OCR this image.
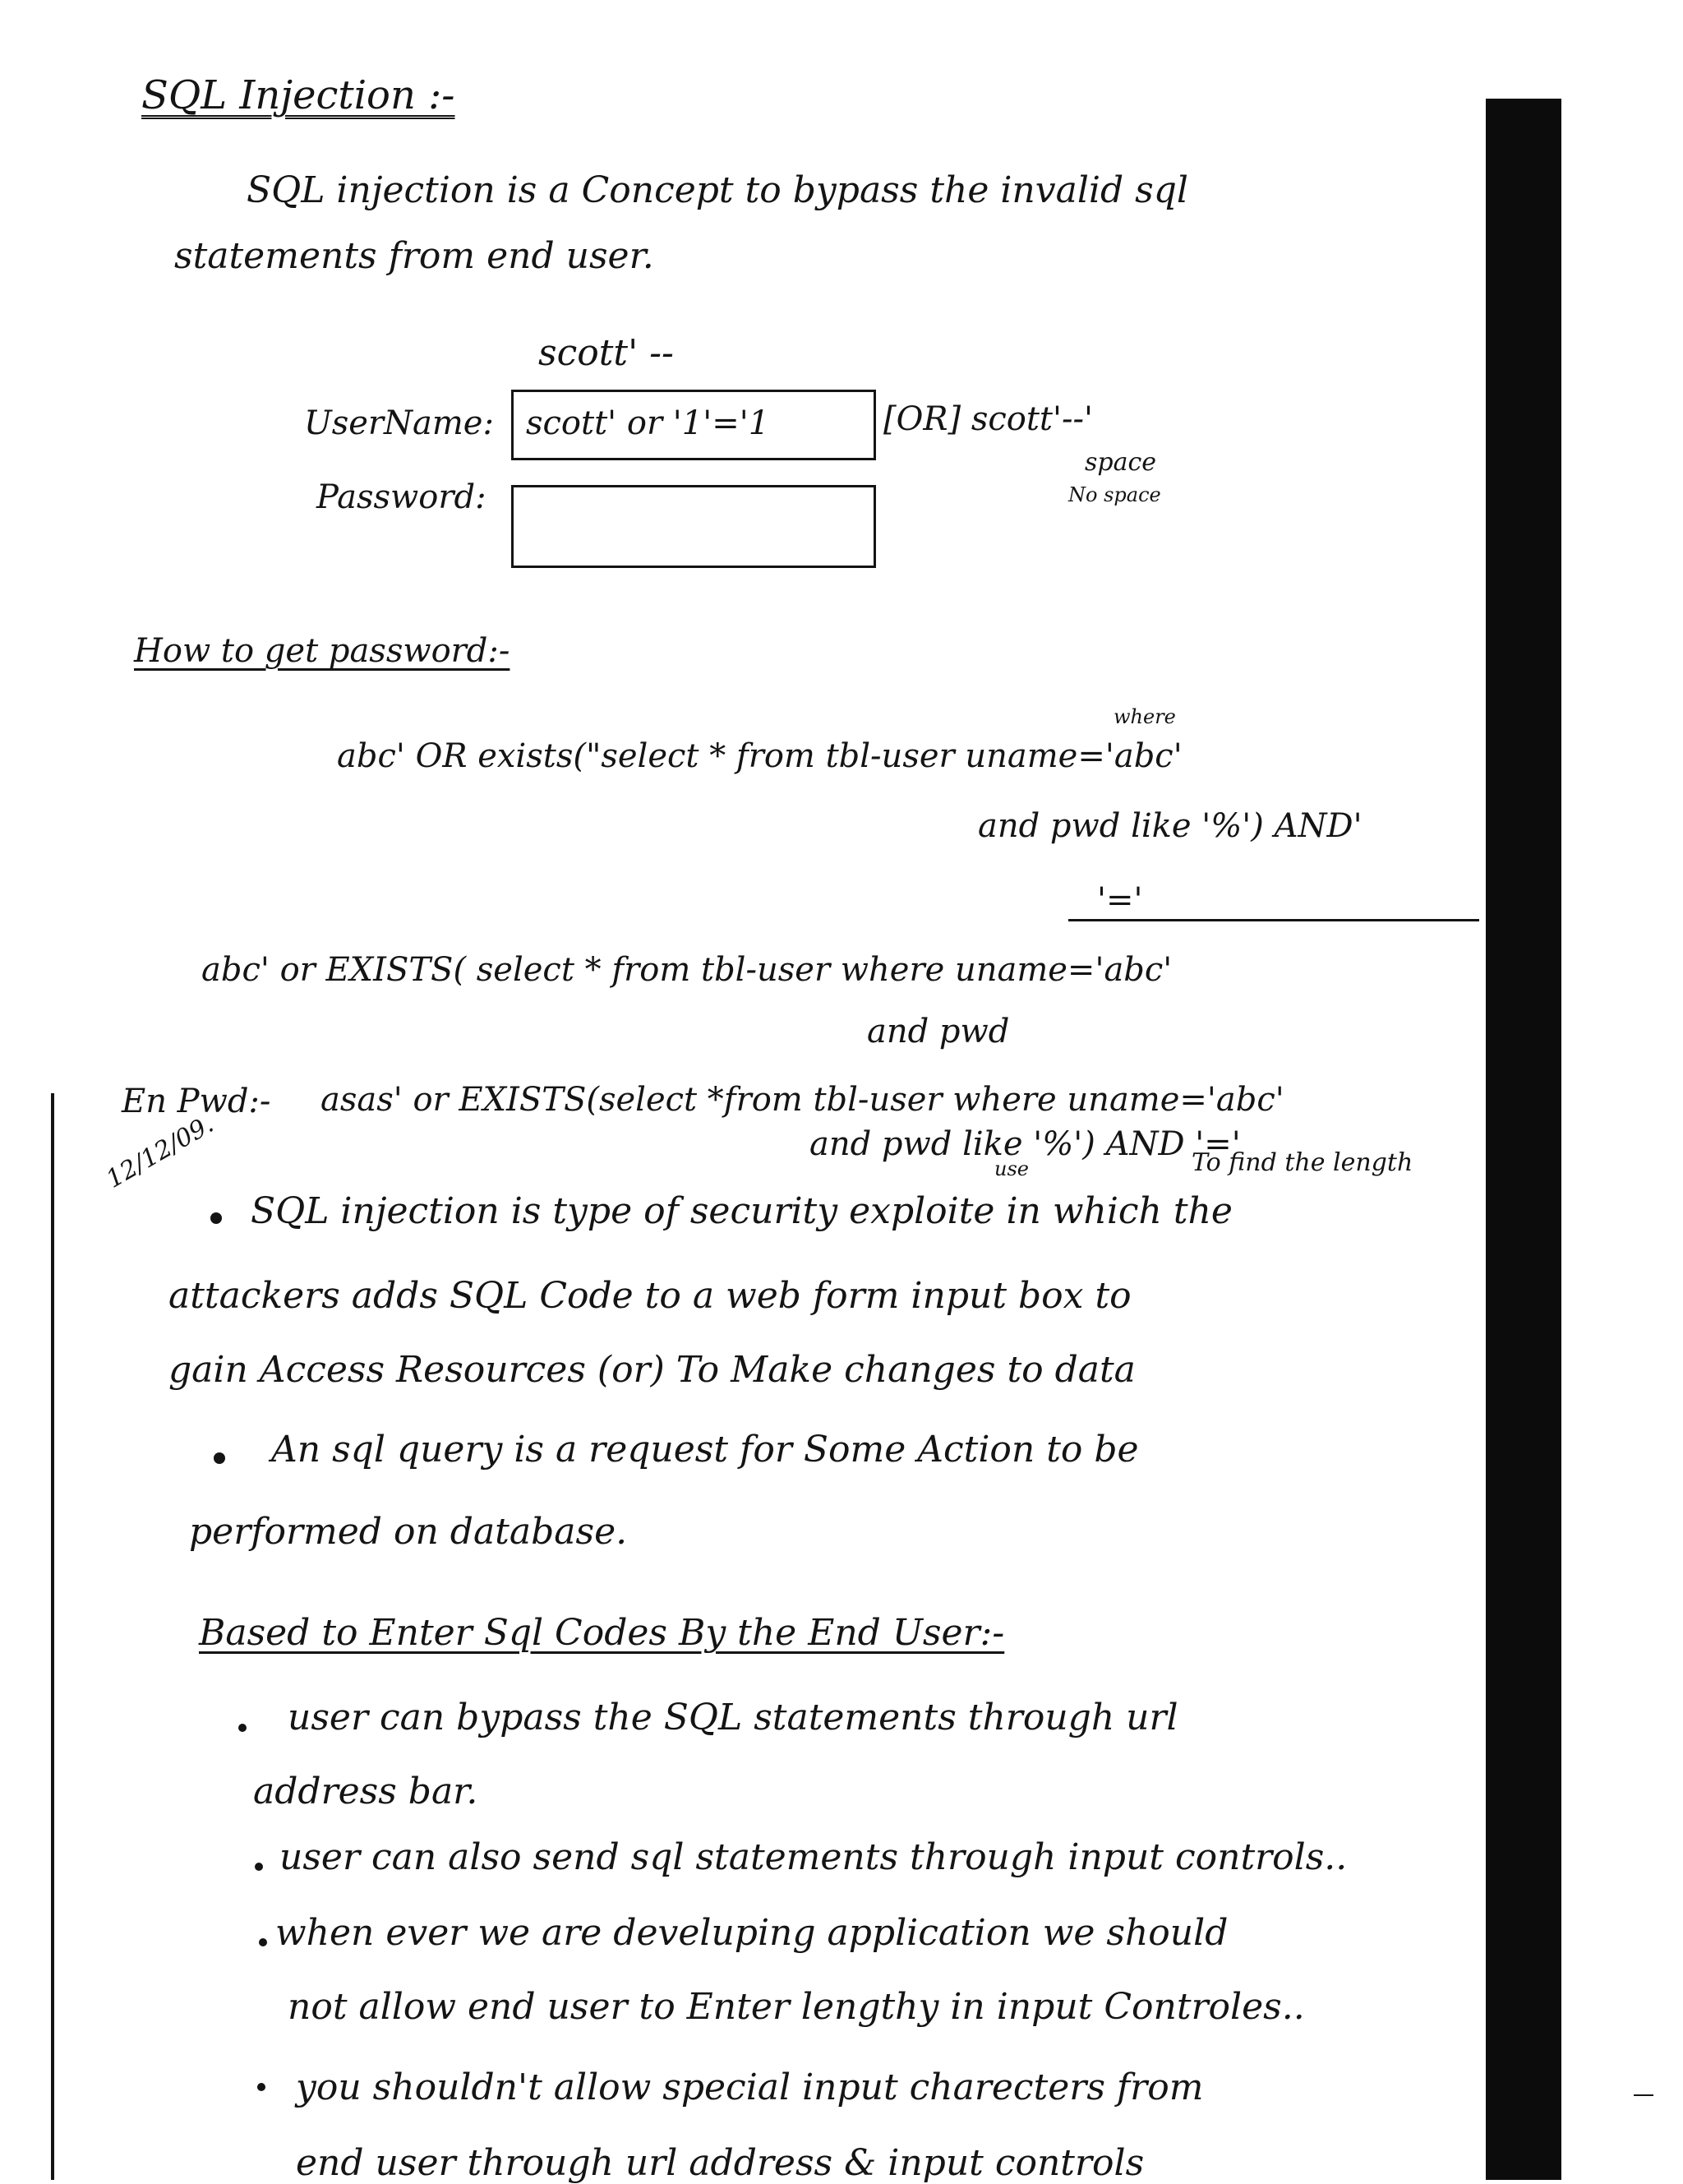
SQL Injection :-
SQL injection is a Concept to bypass the invalid sql
statements from end user.
scott' --
UserName: scott' or '1'='1	[OR] scott'--'
space
No space
Password:
How to get password:-
where
abc' OR exists("select * from tbl-user uname='abc'
and pwd like '%') AND'
'='
abc' or EXISTS( select * from tbl-user where uname='abc'
and pwd
En Pwd:- asas' or EXISTS(select *from tbl-user where uname='abc'
and pwd like '%') AND '='
use	To find the length
12/12/09.
SQL injection is type of security exploite in which the
attackers adds SQL Code to a web form input box to
gain Access Resources (or) To Make changes to data
An sql query is a request for Some Action to be
performed on database.
Based to Enter Sql Codes By the End User:-
user can bypass the SQL statements through url
address bar.
user can also send sql statements through input controls..
when ever we are develuping application we should
not allow end user to Enter lengthy in input Controles..
you shouldn't allow special input charecters from
end user through url address & input controls
